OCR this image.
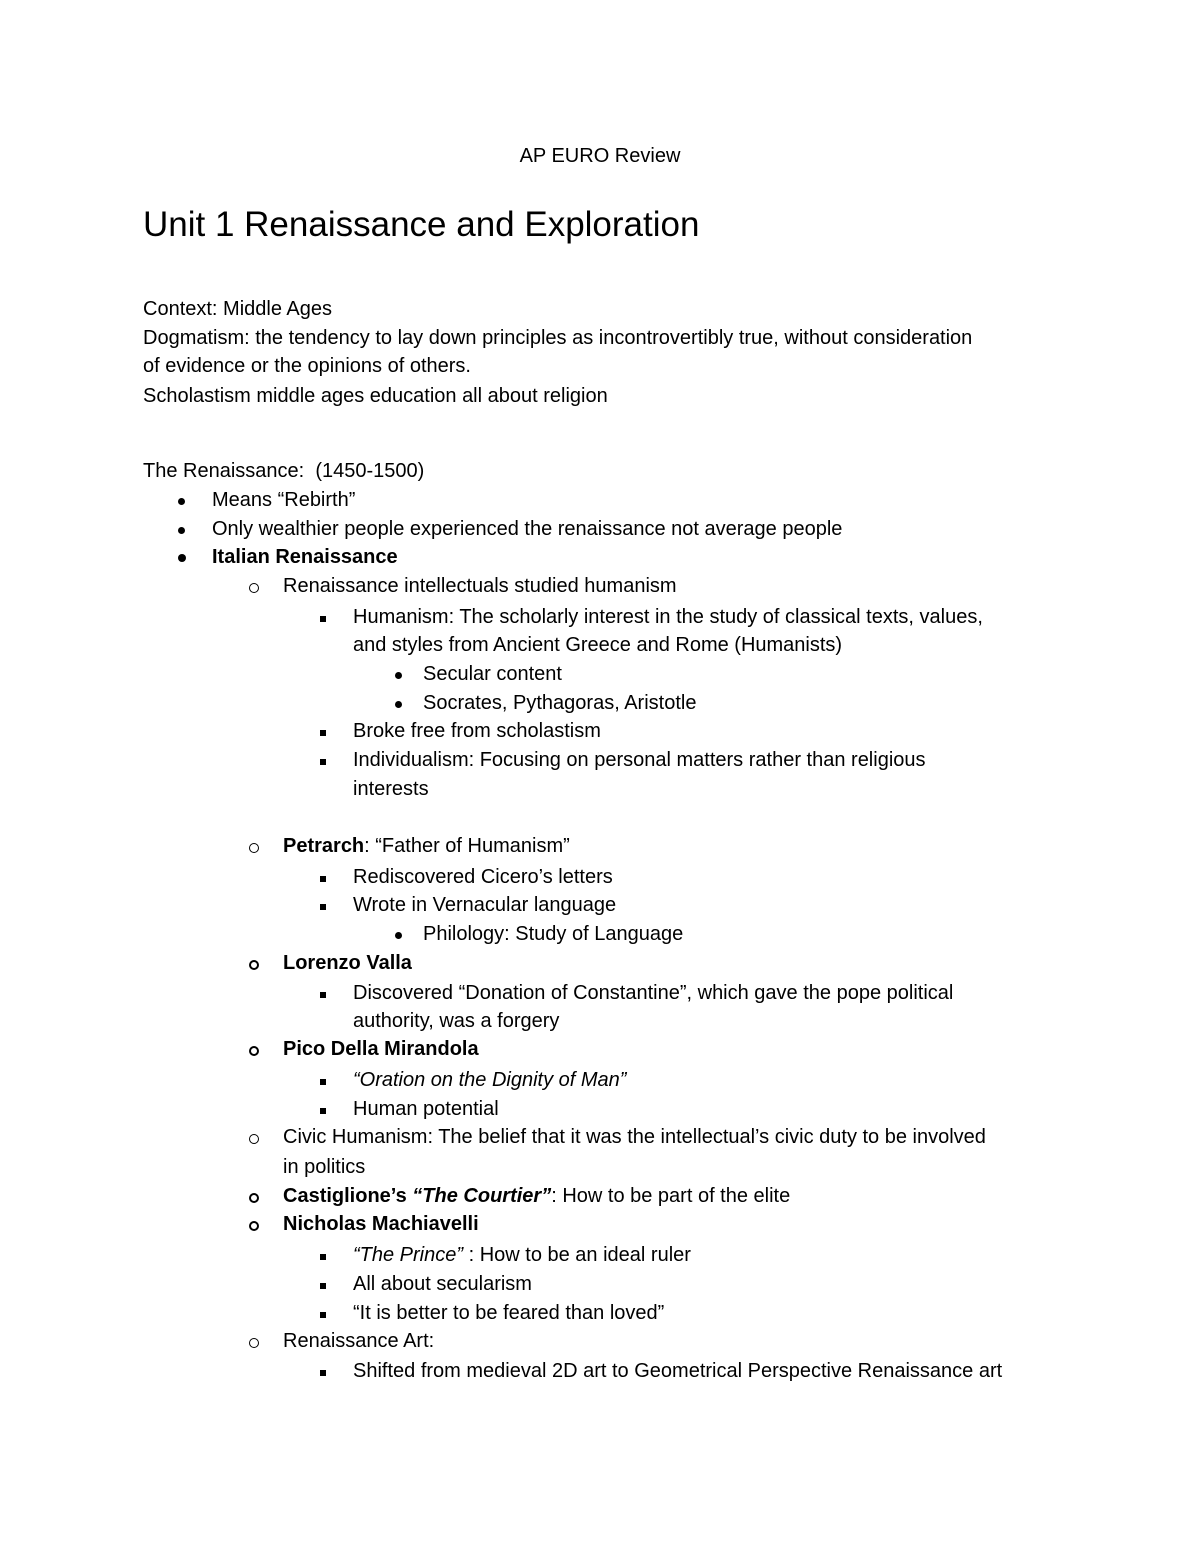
AP EURO Review
Unit 1 Renaissance and Exploration
Context: Middle Ages
Dogmatism: the tendency to lay down principles as incontrovertibly true, without consideration
of evidence or the opinions of others.
Scholastism middle ages education all about religion
The Renaissance:  (1450-1500)
Means “Rebirth”
Only wealthier people experienced the renaissance not average people
Italian Renaissance
Renaissance intellectuals studied humanism
Humanism: The scholarly interest in the study of classical texts, values,
and styles from Ancient Greece and Rome (Humanists)
Secular content
Socrates, Pythagoras, Aristotle
Broke free from scholastism
Individualism: Focusing on personal matters rather than religious
interests
Petrarch: “Father of Humanism”
Rediscovered Cicero’s letters
Wrote in Vernacular language
Philology: Study of Language
Lorenzo Valla
Discovered “Donation of Constantine”, which gave the pope political
authority, was a forgery
Pico Della Mirandola
“Oration on the Dignity of Man”
Human potential
Civic Humanism: The belief that it was the intellectual’s civic duty to be involved
in politics
Castiglione’s “The Courtier”: How to be part of the elite
Nicholas Machiavelli
“The Prince” : How to be an ideal ruler
All about secularism
“It is better to be feared than loved”
Renaissance Art:
Shifted from medieval 2D art to Geometrical Perspective Renaissance art
